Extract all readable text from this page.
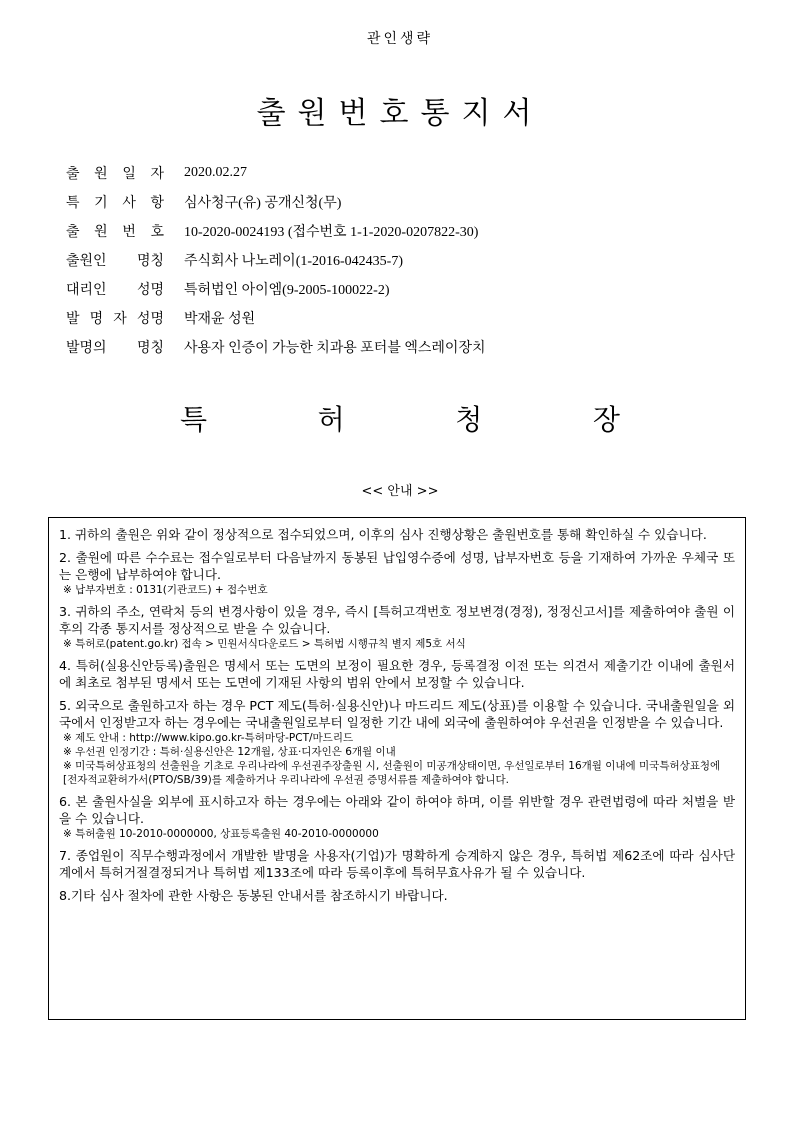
관인생략
출원번호통지서
출 원 일 자 2020.02.27
특 기 사 항 심사청구(유) 공개신청(무)
출 원 번 호 10-2020-0024193 (접수번호 1-1-2020-0207822-30)
출원인 명칭 주식회사 나노레이(1-2016-042435-7)
대리인 성명 특허법인 아이엠(9-2005-100022-2)
발 명 자 성명 박재윤 성원
발명의 명칭 사용자 인증이 가능한 치과용 포터블 엑스레이장치
특	허	청	장
<< 안내 >>
1. 귀하의 출원은 위와 같이 정상적으로 접수되었으며, 이후의 심사 진행상황은 출원번호를 통해 확인하실 수 있습니다.
2. 출원에 따른 수수료는 접수일로부터 다음날까지 동봉된 납입영수증에 성명, 납부자번호 등을 기재하여 가까운 우체국 또는 은행에 납부하여야 합니다.
※ 납부자번호 : 0131(기관코드) + 접수번호
3. 귀하의 주소, 연락처 등의 변경사항이 있을 경우, 즉시 [특허고객번호 정보변경(경정), 정정신고서]를 제출하여야 출원 이후의 각종 통지서를 정상적으로 받을 수 있습니다.
※ 특허로(patent.go.kr) 접속 > 민원서식다운로드 > 특허법 시행규칙 별지 제5호 서식
4. 특허(실용신안등록)출원은 명세서 또는 도면의 보정이 필요한 경우, 등록결정 이전 또는 의견서 제출기간 이내에 출원서에 최초로 첨부된 명세서 또는 도면에 기재된 사항의 범위 안에서 보정할 수 있습니다.
5. 외국으로 출원하고자 하는 경우 PCT 제도(특허·실용신안)나 마드리드 제도(상표)를 이용할 수 있습니다. 국내출원일을 외국에서 인정받고자 하는 경우에는 국내출원일로부터 일정한 기간 내에 외국에 출원하여야 우선권을 인정받을 수 있습니다.
※ 제도 안내 : http://www.kipo.go.kr-특허마당-PCT/마드리드
※ 우선권 인정기간 : 특허·실용신안은 12개월, 상표·디자인은 6개월 이내
※ 미국특허상표청의 선출원을 기초로 우리나라에 우선권주장출원 시, 선출원이 미공개상태이면, 우선일로부터 16개월 이내에 미국특허상표청에 [전자적교환허가서(PTO/SB/39)를 제출하거나 우리나라에 우선권 증명서류를 제출하여야 합니다.
6. 본 출원사실을 외부에 표시하고자 하는 경우에는 아래와 같이 하여야 하며, 이를 위반할 경우 관련법령에 따라 처벌을 받을 수 있습니다.
※ 특허출원 10-2010-0000000, 상표등록출원 40-2010-0000000
7. 종업원이 직무수행과정에서 개발한 발명을 사용자(기업)가 명확하게 승계하지 않은 경우, 특허법 제62조에 따라 심사단계에서 특허거절결정되거나 특허법 제133조에 따라 등록이후에 특허무효사유가 될 수 있습니다.
8.기타 심사 절차에 관한 사항은 동봉된 안내서를 참조하시기 바랍니다.
